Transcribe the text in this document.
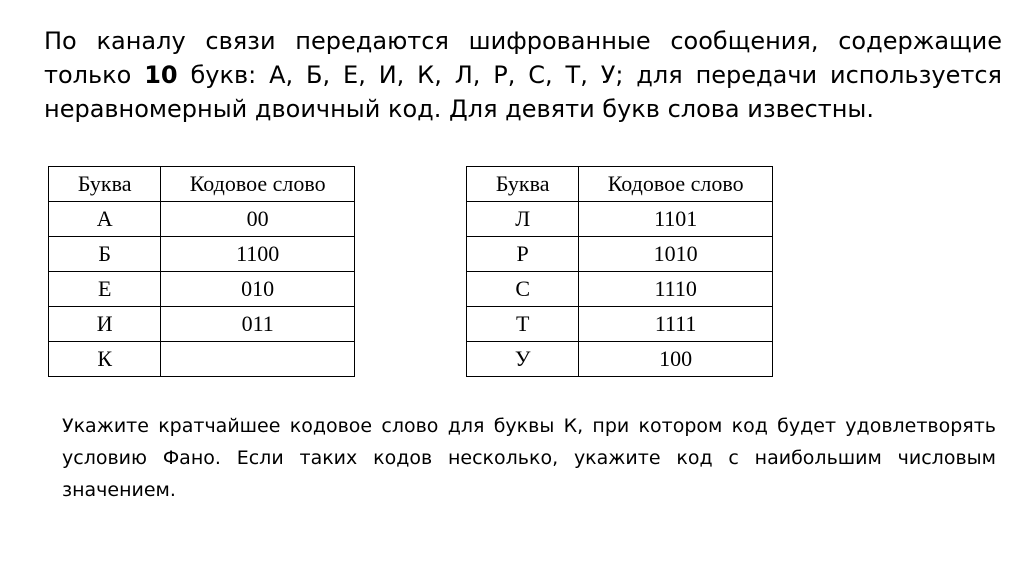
По каналу связи передаются шифрованные сообщения, содержащие только 10 букв: А, Б, Е, И, К, Л, Р, С, Т, У; для передачи используется неравномерный двоичный код. Для девяти букв слова известны.

Буква	Кодовое слово
А	00
Б	1100
Е	010
И	011
К	
Буква	Кодовое слово
Л	1101
Р	1010
С	1110
Т	1111
У	100

Укажите кратчайшее кодовое слово для буквы К, при котором код будет удовлетворять условию Фано. Если таких кодов несколько, укажите код с наибольшим числовым значением.
